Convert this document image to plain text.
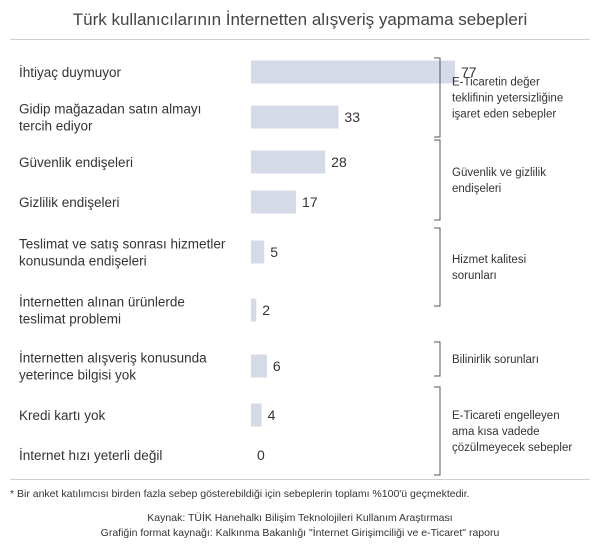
Türk kullanıcılarının İnternetten alışveriş yapmama sebepleri
77
İhtiyaç duymuyor
33
Gidip mağazadan satın almayı
tercih ediyor
28
Güvenlik endişeleri
17
Gizlilik endişeleri
5
Teslimat ve satış sonrası hizmetler
konusunda endişeleri
2
İnternetten alınan ürünlerde
teslimat problemi
6
İnternetten alışveriş konusunda
yeterince bilgisi yok
4
Kredi kartı yok
0
İnternet hızı yeterli değil
E-Ticaretin değer
teklifinin yetersizliğine
işaret eden sebepler
Güvenlik ve gizlilik
endişeleri
Hizmet kalitesi
sorunları
Bilinirlik sorunları
E-Ticareti engelleyen
ama kısa vadede
çözülmeyecek sebepler
* Bir anket katılımcısı birden fazla sebep gösterebildiği için sebeplerin toplamı %100'ü geçmektedir.
Kaynak: TÜİK Hanehalkı Bilişim Teknolojileri Kullanım Araştırması
Grafiğin format kaynağı: Kalkınma Bakanlığı "İnternet Girişimciliği ve e-Ticaret" raporu
